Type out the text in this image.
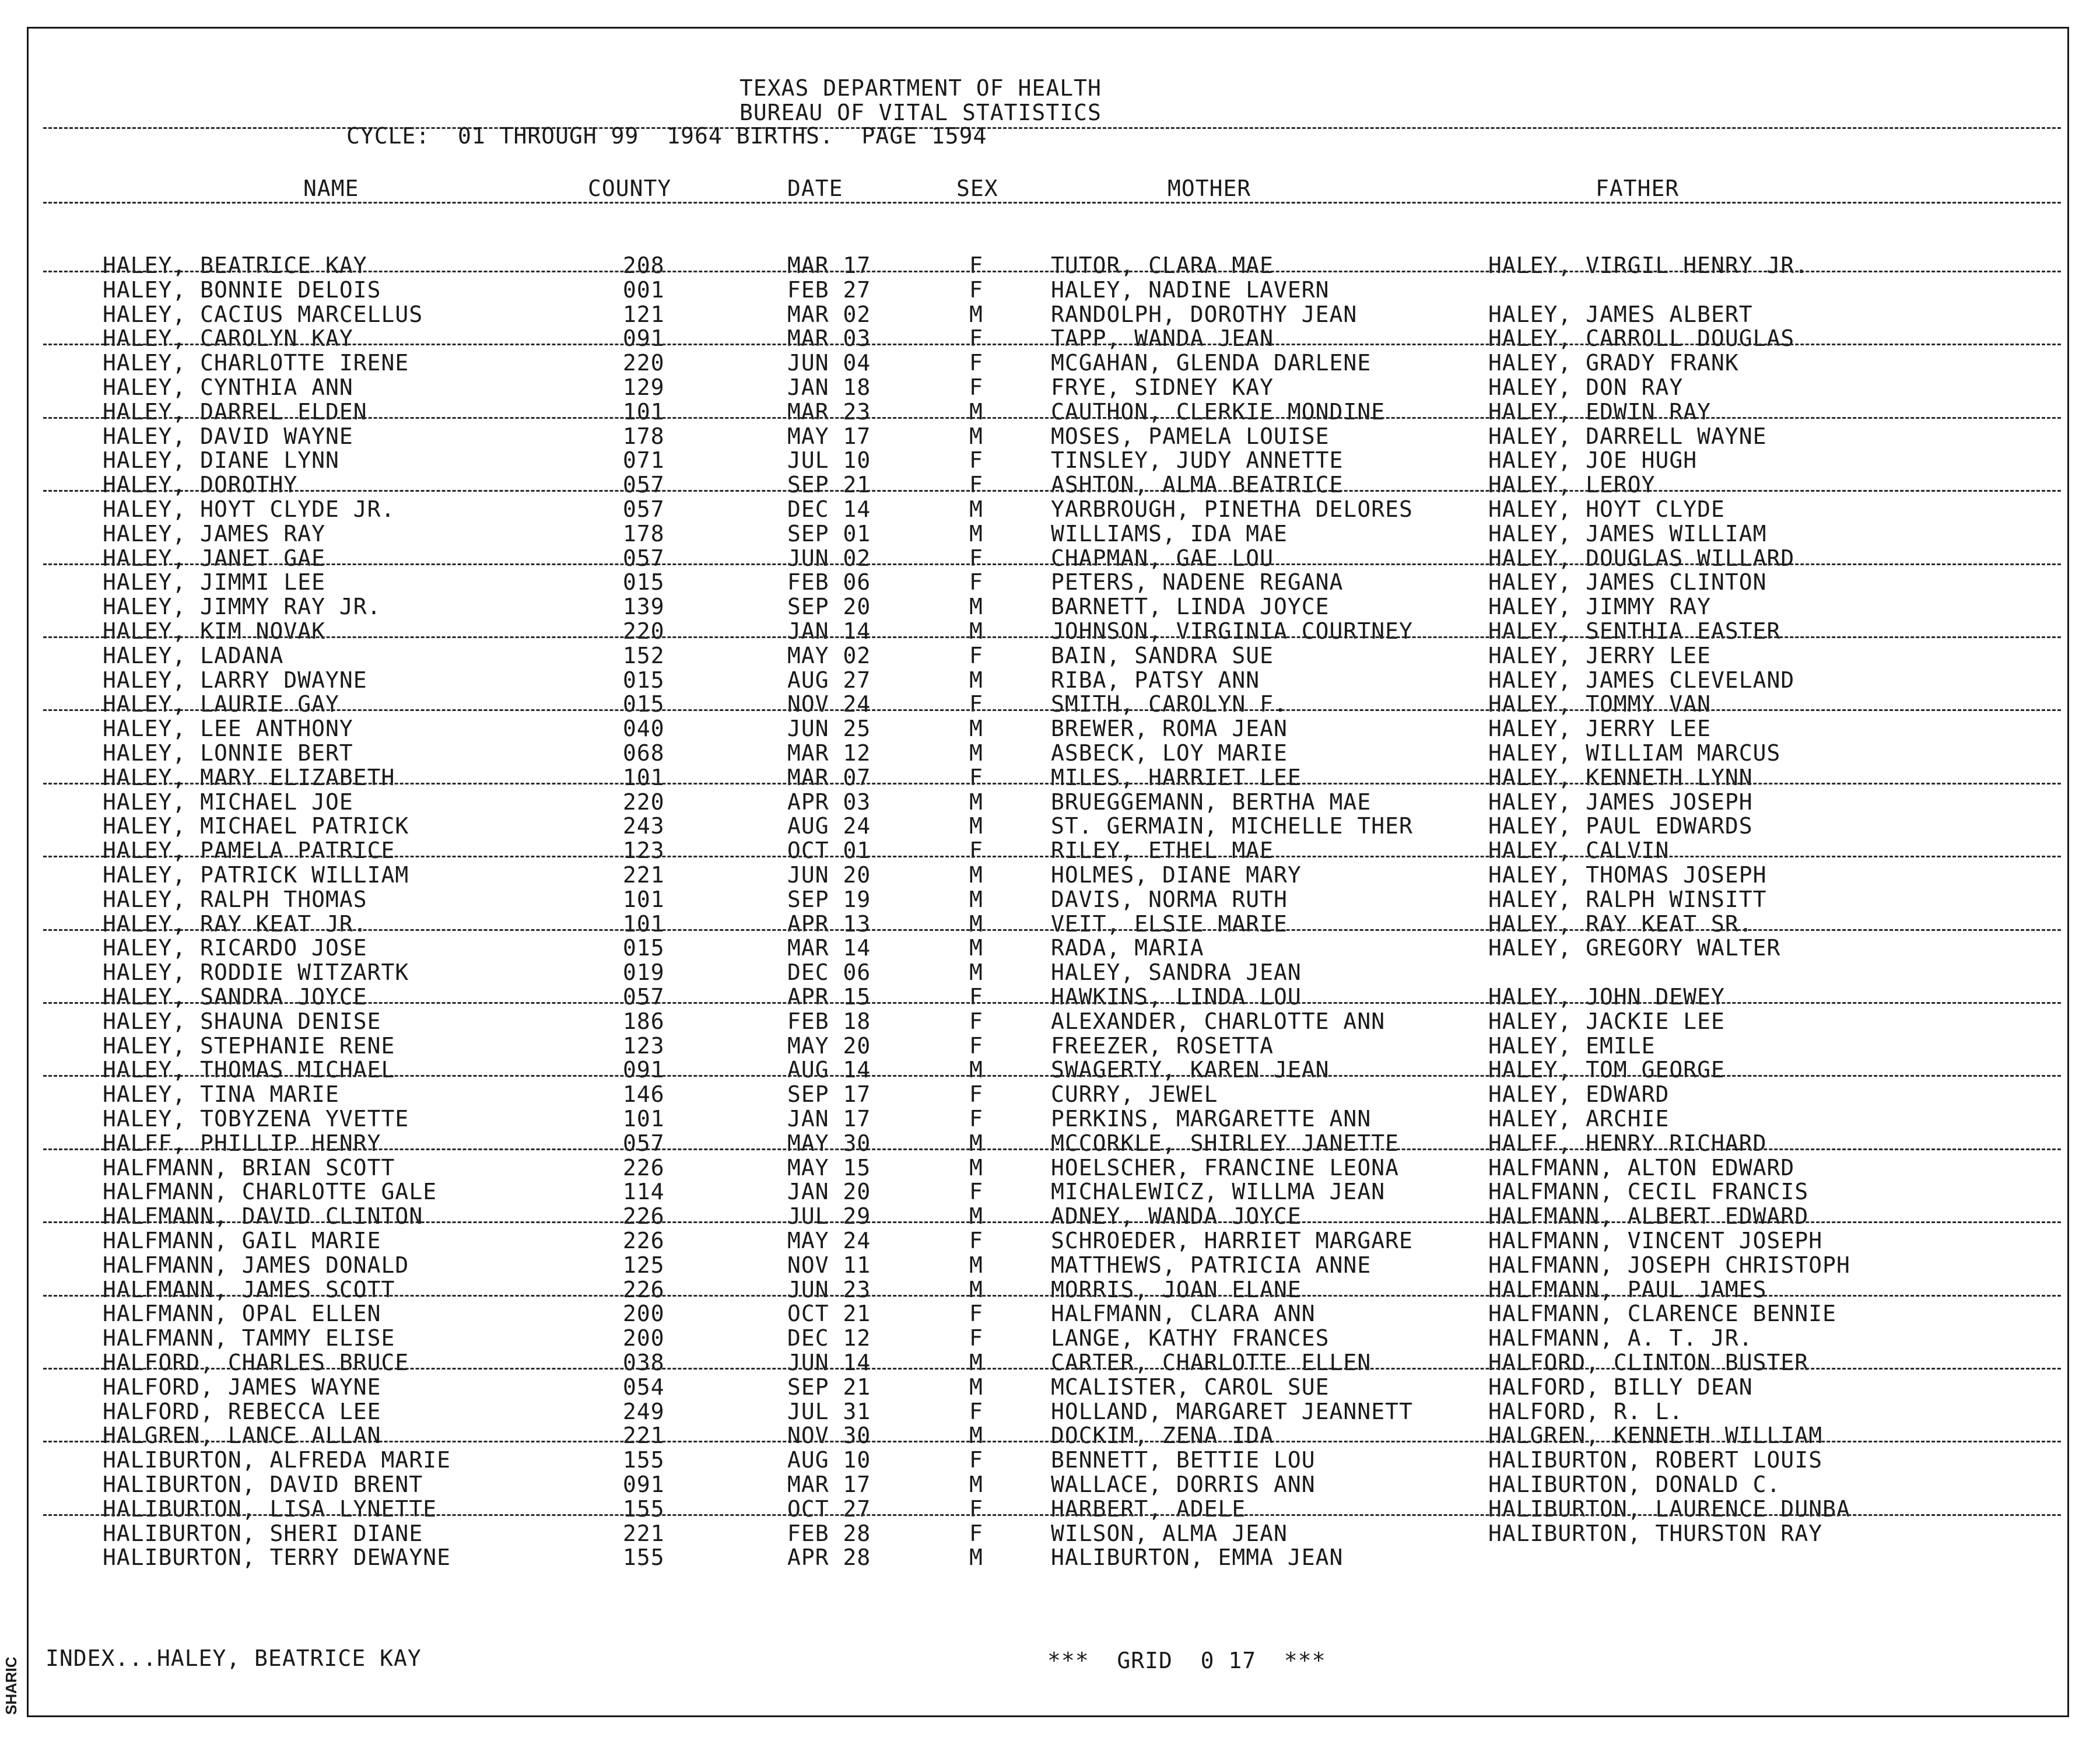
TEXAS DEPARTMENT OF HEALTH
BUREAU OF VITAL STATISTICS
CYCLE:  01 THROUGH 99  1964 BIRTHS.  PAGE 1594
NAME	COUNTY	DATE	SEX	MOTHER	FATHER
HALEY, BEATRICE KAY	208	MAR 17	F	TUTOR, CLARA MAE	HALEY, VIRGIL HENRY JR.
HALEY, BONNIE DELOIS	001	FEB 27	F	HALEY, NADINE LAVERN
HALEY, CACIUS MARCELLUS	121	MAR 02	M	RANDOLPH, DOROTHY JEAN	HALEY, JAMES ALBERT
HALEY, CAROLYN KAY	091	MAR 03	F	TAPP, WANDA JEAN	HALEY, CARROLL DOUGLAS
HALEY, CHARLOTTE IRENE	220	JUN 04	F	MCGAHAN, GLENDA DARLENE	HALEY, GRADY FRANK
HALEY, CYNTHIA ANN	129	JAN 18	F	FRYE, SIDNEY KAY	HALEY, DON RAY
HALEY, DARREL ELDEN	101	MAR 23	M	CAUTHON, CLERKIE MONDINE	HALEY, EDWIN RAY
HALEY, DAVID WAYNE	178	MAY 17	M	MOSES, PAMELA LOUISE	HALEY, DARRELL WAYNE
HALEY, DIANE LYNN	071	JUL 10	F	TINSLEY, JUDY ANNETTE	HALEY, JOE HUGH
HALEY, DOROTHY	057	SEP 21	F	ASHTON, ALMA BEATRICE	HALEY, LEROY
HALEY, HOYT CLYDE JR.	057	DEC 14	M	YARBROUGH, PINETHA DELORES	HALEY, HOYT CLYDE
HALEY, JAMES RAY	178	SEP 01	M	WILLIAMS, IDA MAE	HALEY, JAMES WILLIAM
HALEY, JANET GAE	057	JUN 02	F	CHAPMAN, GAE LOU	HALEY, DOUGLAS WILLARD
HALEY, JIMMI LEE	015	FEB 06	F	PETERS, NADENE REGANA	HALEY, JAMES CLINTON
HALEY, JIMMY RAY JR.	139	SEP 20	M	BARNETT, LINDA JOYCE	HALEY, JIMMY RAY
HALEY, KIM NOVAK	220	JAN 14	M	JOHNSON, VIRGINIA COURTNEY	HALEY, SENTHIA EASTER
HALEY, LADANA	152	MAY 02	F	BAIN, SANDRA SUE	HALEY, JERRY LEE
HALEY, LARRY DWAYNE	015	AUG 27	M	RIBA, PATSY ANN	HALEY, JAMES CLEVELAND
HALEY, LAURIE GAY	015	NOV 24	F	SMITH, CAROLYN F.	HALEY, TOMMY VAN
HALEY, LEE ANTHONY	040	JUN 25	M	BREWER, ROMA JEAN	HALEY, JERRY LEE
HALEY, LONNIE BERT	068	MAR 12	M	ASBECK, LOY MARIE	HALEY, WILLIAM MARCUS
HALEY, MARY ELIZABETH	101	MAR 07	F	MILES, HARRIET LEE	HALEY, KENNETH LYNN
HALEY, MICHAEL JOE	220	APR 03	M	BRUEGGEMANN, BERTHA MAE	HALEY, JAMES JOSEPH
HALEY, MICHAEL PATRICK	243	AUG 24	M	ST. GERMAIN, MICHELLE THER	HALEY, PAUL EDWARDS
HALEY, PAMELA PATRICE	123	OCT 01	F	RILEY, ETHEL MAE	HALEY, CALVIN
HALEY, PATRICK WILLIAM	221	JUN 20	M	HOLMES, DIANE MARY	HALEY, THOMAS JOSEPH
HALEY, RALPH THOMAS	101	SEP 19	M	DAVIS, NORMA RUTH	HALEY, RALPH WINSITT
HALEY, RAY KEAT JR.	101	APR 13	M	VEIT, ELSIE MARIE	HALEY, RAY KEAT SR.
HALEY, RICARDO JOSE	015	MAR 14	M	RADA, MARIA	HALEY, GREGORY WALTER
HALEY, RODDIE WITZARTK	019	DEC 06	M	HALEY, SANDRA JEAN
HALEY, SANDRA JOYCE	057	APR 15	F	HAWKINS, LINDA LOU	HALEY, JOHN DEWEY
HALEY, SHAUNA DENISE	186	FEB 18	F	ALEXANDER, CHARLOTTE ANN	HALEY, JACKIE LEE
HALEY, STEPHANIE RENE	123	MAY 20	F	FREEZER, ROSETTA	HALEY, EMILE
HALEY, THOMAS MICHAEL	091	AUG 14	M	SWAGERTY, KAREN JEAN	HALEY, TOM GEORGE
HALEY, TINA MARIE	146	SEP 17	F	CURRY, JEWEL	HALEY, EDWARD
HALEY, TOBYZENA YVETTE	101	JAN 17	F	PERKINS, MARGARETTE ANN	HALEY, ARCHIE
HALFF, PHILLIP HENRY	057	MAY 30	M	MCCORKLE, SHIRLEY JANETTE	HALFF, HENRY RICHARD
HALFMANN, BRIAN SCOTT	226	MAY 15	M	HOELSCHER, FRANCINE LEONA	HALFMANN, ALTON EDWARD
HALFMANN, CHARLOTTE GALE	114	JAN 20	F	MICHALEWICZ, WILLMA JEAN	HALFMANN, CECIL FRANCIS
HALFMANN, DAVID CLINTON	226	JUL 29	M	ADNEY, WANDA JOYCE	HALFMANN, ALBERT EDWARD
HALFMANN, GAIL MARIE	226	MAY 24	F	SCHROEDER, HARRIET MARGARE	HALFMANN, VINCENT JOSEPH
HALFMANN, JAMES DONALD	125	NOV 11	M	MATTHEWS, PATRICIA ANNE	HALFMANN, JOSEPH CHRISTOPH
HALFMANN, JAMES SCOTT	226	JUN 23	M	MORRIS, JOAN ELANE	HALFMANN, PAUL JAMES
HALFMANN, OPAL ELLEN	200	OCT 21	F	HALFMANN, CLARA ANN	HALFMANN, CLARENCE BENNIE
HALFMANN, TAMMY ELISE	200	DEC 12	F	LANGE, KATHY FRANCES	HALFMANN, A. T. JR.
HALFORD, CHARLES BRUCE	038	JUN 14	M	CARTER, CHARLOTTE ELLEN	HALFORD, CLINTON BUSTER
HALFORD, JAMES WAYNE	054	SEP 21	M	MCALISTER, CAROL SUE	HALFORD, BILLY DEAN
HALFORD, REBECCA LEE	249	JUL 31	F	HOLLAND, MARGARET JEANNETT	HALFORD, R. L.
HALGREN, LANCE ALLAN	221	NOV 30	M	DOCKIM, ZENA IDA	HALGREN, KENNETH WILLIAM
HALIBURTON, ALFREDA MARIE	155	AUG 10	F	BENNETT, BETTIE LOU	HALIBURTON, ROBERT LOUIS
HALIBURTON, DAVID BRENT	091	MAR 17	M	WALLACE, DORRIS ANN	HALIBURTON, DONALD C.
HALIBURTON, LISA LYNETTE	155	OCT 27	F	HARBERT, ADELE	HALIBURTON, LAURENCE DUNBA
HALIBURTON, SHERI DIANE	221	FEB 28	F	WILSON, ALMA JEAN	HALIBURTON, THURSTON RAY
HALIBURTON, TERRY DEWAYNE	155	APR 28	M	HALIBURTON, EMMA JEAN
INDEX...HALEY, BEATRICE KAY	***  GRID  0 17  ***
SHARIC
